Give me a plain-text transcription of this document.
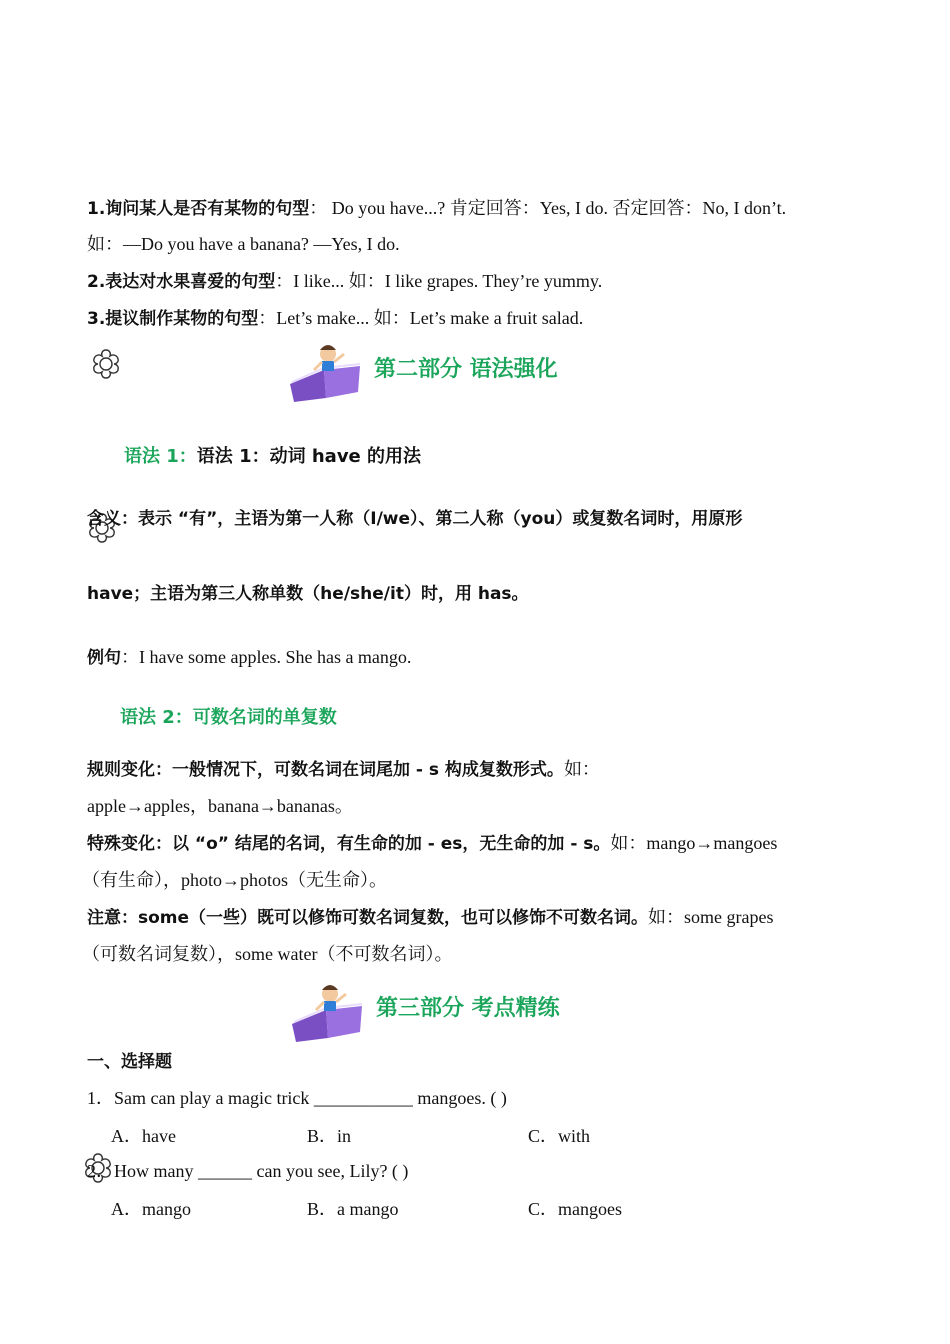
1.询问某人是否有某物的句型： Do you have...? 肯定回答：Yes, I do. 否定回答：No, I don’t.
如：—Do you have a banana? —Yes, I do.
2.表达对水果喜爱的句型：I like... 如：I like grapes. They’re yummy.
3.提议制作某物的句型：Let’s make... 如：Let’s make a fruit salad.
第二部分 语法强化
语法 1：语法 1：动词 have 的用法
含义：表示 “有”，主语为第一人称（I/we）、第二人称（you）或复数名词时，用原形
have；主语为第三人称单数（he/she/it）时，用 has。
例句：I have some apples. She has a mango.
语法 2：可数名词的单复数
规则变化：一般情况下，可数名词在词尾加 - s 构成复数形式。如：
apple→apples，banana→bananas。
特殊变化：以 “o” 结尾的名词，有生命的加 - es，无生命的加 - s。如：mango→mangoes
（有生命），photo→photos（无生命）。
注意：some（一些）既可以修饰可数名词复数，也可以修饰不可数名词。如：some grapes
（可数名词复数），some water（不可数名词）。
第三部分 考点精练
一、选择题
1．Sam can play a magic trick ___________ mangoes. ( )
A．have	B．in	C．with
2．How many ______ can you see, Lily? ( )
A．mango	B．a mango	C．mangoes
